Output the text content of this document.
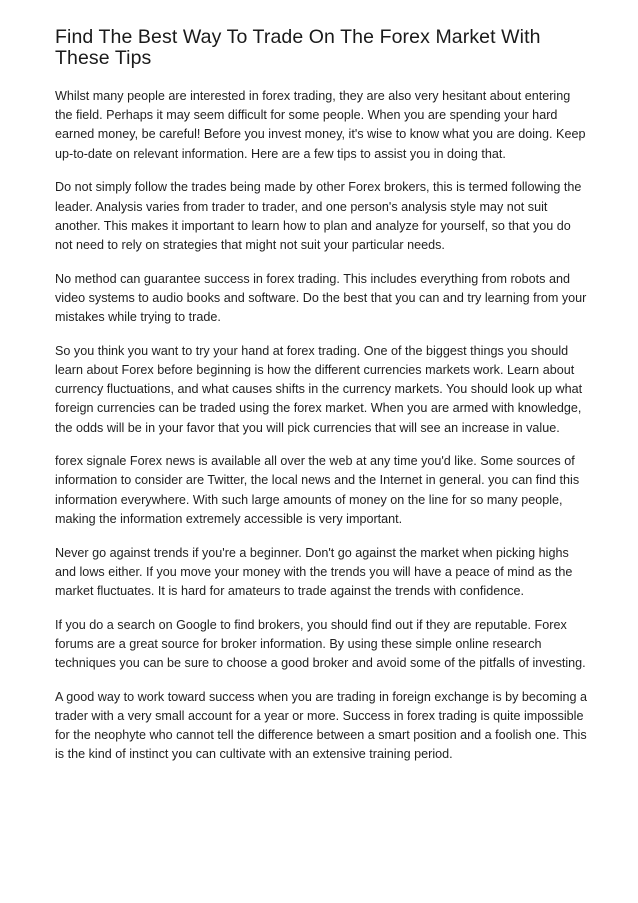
Find The Best Way To Trade On The Forex Market With These Tips

Whilst many people are interested in forex trading, they are also very hesitant about entering the field. Perhaps it may seem difficult for some people. When you are spending your hard earned money, be careful! Before you invest money, it's wise to know what you are doing. Keep up-to-date on relevant information. Here are a few tips to assist you in doing that.

Do not simply follow the trades being made by other Forex brokers, this is termed following the leader. Analysis varies from trader to trader, and one person's analysis style may not suit another. This makes it important to learn how to plan and analyze for yourself, so that you do not need to rely on strategies that might not suit your particular needs.

No method can guarantee success in forex trading. This includes everything from robots and video systems to audio books and software. Do the best that you can and try learning from your mistakes while trying to trade.

So you think you want to try your hand at forex trading. One of the biggest things you should learn about Forex before beginning is how the different currencies markets work. Learn about currency fluctuations, and what causes shifts in the currency markets. You should look up what foreign currencies can be traded using the forex market. When you are armed with knowledge, the odds will be in your favor that you will pick currencies that will see an increase in value.

forex signale Forex news is available all over the web at any time you'd like. Some sources of information to consider are Twitter, the local news and the Internet in general. you can find this information everywhere. With such large amounts of money on the line for so many people, making the information extremely accessible is very important.

Never go against trends if you're a beginner. Don't go against the market when picking highs and lows either. If you move your money with the trends you will have a peace of mind as the market fluctuates. It is hard for amateurs to trade against the trends with confidence.

If you do a search on Google to find brokers, you should find out if they are reputable. Forex forums are a great source for broker information. By using these simple online research techniques you can be sure to choose a good broker and avoid some of the pitfalls of investing.

A good way to work toward success when you are trading in foreign exchange is by becoming a trader with a very small account for a year or more. Success in forex trading is quite impossible for the neophyte who cannot tell the difference between a smart position and a foolish one. This is the kind of instinct you can cultivate with an extensive training period.
